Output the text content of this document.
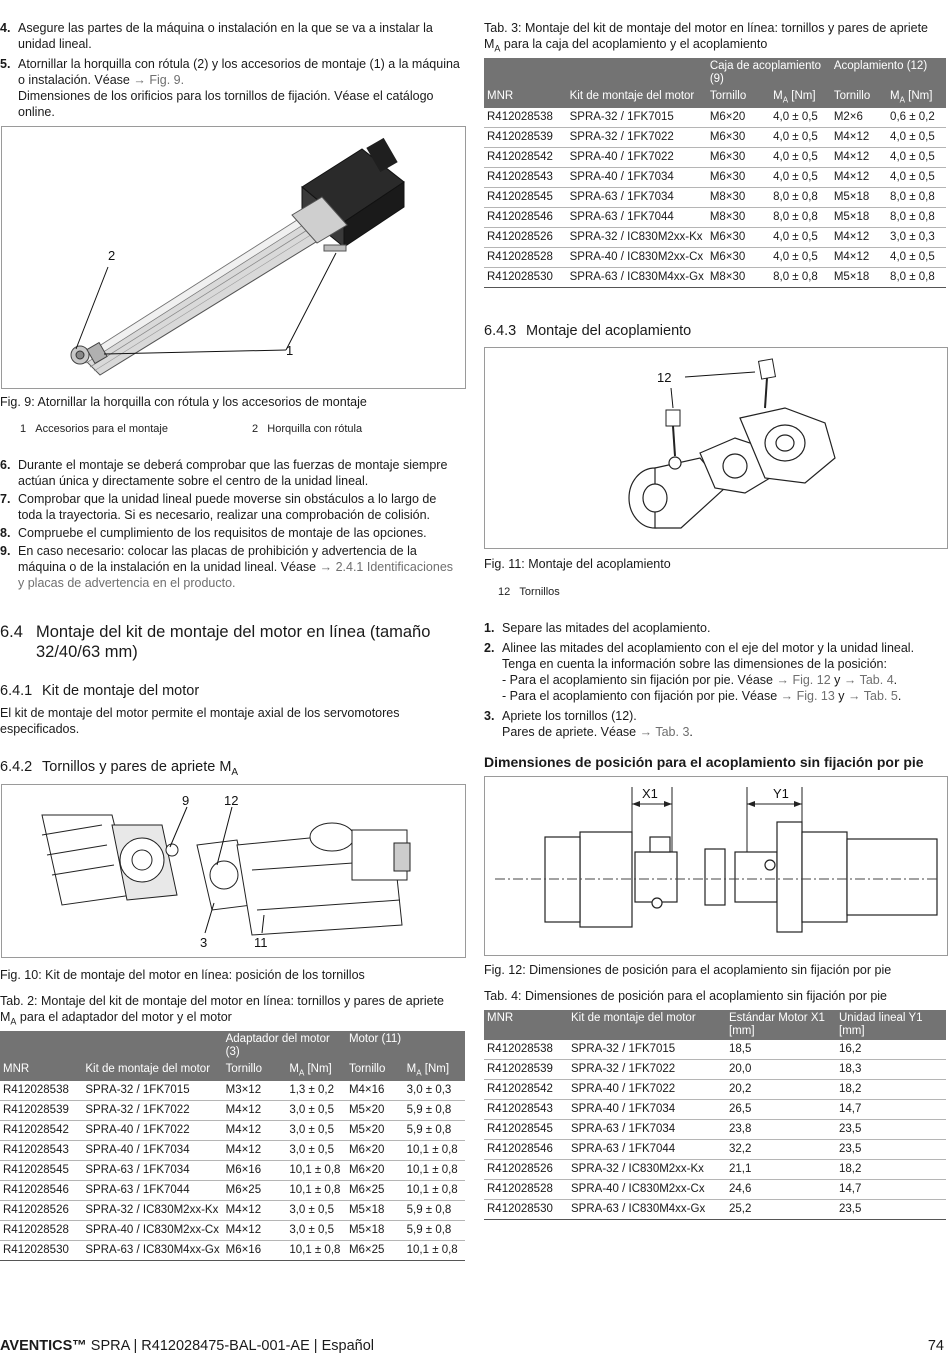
4. Asegure las partes de la máquina o instalación en la que se va a instalar la unidad lineal.
5. Atornillar la horquilla con rótula (2) y los accesorios de montaje (1) a la máquina o instalación. Véase → Fig. 9.
Dimensiones de los orificios para los tornillos de fijación. Véase el catálogo online.
2
1
Fig. 9: Atornillar la horquilla con rótula y los accesorios de montaje
1 Accesorios para el montaje	2 Horquilla con rótula
6. Durante el montaje se deberá comprobar que las fuerzas de montaje siempre actúan única y directamente sobre el centro de la unidad lineal.
7. Comprobar que la unidad lineal puede moverse sin obstáculos a lo largo de toda la trayectoria. Si es necesario, realizar una comprobación de colisión.
8. Compruebe el cumplimiento de los requisitos de montaje de las opciones.
9. En caso necesario: colocar las placas de prohibición y advertencia de la máquina o de la instalación en la unidad lineal. Véase → 2.4.1 Identificaciones y placas de advertencia en el producto.
6.4 Montaje del kit de montaje del motor en línea (tamaño 32/40/63 mm)
6.4.1 Kit de montaje del motor
El kit de montaje del motor permite el montaje axial de los servomotores especificados.
6.4.2 Tornillos y pares de apriete $M_A$
9	12
3	11
Fig. 10: Kit de montaje del motor en línea: posición de los tornillos
Tab. 2: Montaje del kit de montaje del motor en línea: tornillos y pares de apriete $M_A$ para el adaptador del motor y el motor
		Adaptador del motor (3)		Motor (11)	
MNR	Kit de montaje del motor	Tornillo	$M_A$ [Nm]	Tornillo	$M_A$ [Nm]
R412028538	SPRA-32 / 1FK7015	M3×12	1,3 ± 0,2	M4×16	3,0 ± 0,3
R412028539	SPRA-32 / 1FK7022	M4×12	3,0 ± 0,5	M5×20	5,9 ± 0,8
R412028542	SPRA-40 / 1FK7022	M4×12	3,0 ± 0,5	M5×20	5,9 ± 0,8
R412028543	SPRA-40 / 1FK7034	M4×12	3,0 ± 0,5	M6×20	10,1 ± 0,8
R412028545	SPRA-63 / 1FK7034	M6×16	10,1 ± 0,8	M6×20	10,1 ± 0,8
R412028546	SPRA-63 / 1FK7044	M6×25	10,1 ± 0,8	M6×25	10,1 ± 0,8
R412028526	SPRA-32 / IC830M2xx-Kx	M4×12	3,0 ± 0,5	M5×18	5,9 ± 0,8
R412028528	SPRA-40 / IC830M2xx-Cx	M4×12	3,0 ± 0,5	M5×18	5,9 ± 0,8
R412028530	SPRA-63 / IC830M4xx-Gx	M6×16	10,1 ± 0,8	M6×25	10,1 ± 0,8
Tab. 3: Montaje del kit de montaje del motor en línea: tornillos y pares de apriete $M_A$ para la caja del acoplamiento y el acoplamiento
		Caja de acoplamiento (9)		Acoplamiento (12)	
MNR	Kit de montaje del motor	Tornillo	$M_A$ [Nm]	Tornillo	$M_A$ [Nm]
R412028538	SPRA-32 / 1FK7015	M6×20	4,0 ± 0,5	M2×6	0,6 ± 0,2
R412028539	SPRA-32 / 1FK7022	M6×30	4,0 ± 0,5	M4×12	4,0 ± 0,5
R412028542	SPRA-40 / 1FK7022	M6×30	4,0 ± 0,5	M4×12	4,0 ± 0,5
R412028543	SPRA-40 / 1FK7034	M6×30	4,0 ± 0,5	M4×12	4,0 ± 0,5
R412028545	SPRA-63 / 1FK7034	M8×30	8,0 ± 0,8	M5×18	8,0 ± 0,8
R412028546	SPRA-63 / 1FK7044	M8×30	8,0 ± 0,8	M5×18	8,0 ± 0,8
R412028526	SPRA-32 / IC830M2xx-Kx	M6×30	4,0 ± 0,5	M4×12	3,0 ± 0,3
R412028528	SPRA-40 / IC830M2xx-Cx	M6×30	4,0 ± 0,5	M4×12	4,0 ± 0,5
R412028530	SPRA-63 / IC830M4xx-Gx	M8×30	8,0 ± 0,8	M5×18	8,0 ± 0,8
6.4.3 Montaje del acoplamiento
12
Fig. 11: Montaje del acoplamiento
12 Tornillos
1. Separe las mitades del acoplamiento.
2. Alinee las mitades del acoplamiento con el eje del motor y la unidad lineal. Tenga en cuenta la información sobre las dimensiones de la posición:
- Para el acoplamiento sin fijación por pie. Véase → Fig. 12 y → Tab. 4.
- Para el acoplamiento con fijación por pie. Véase → Fig. 13 y → Tab. 5.
3. Apriete los tornillos (12).
Pares de apriete. Véase → Tab. 3.
Dimensiones de posición para el acoplamiento sin fijación por pie
X1	Y1
Fig. 12: Dimensiones de posición para el acoplamiento sin fijación por pie
Tab. 4: Dimensiones de posición para el acoplamiento sin fijación por pie
MNR	Kit de montaje del motor	Estándar Motor X1 [mm]	Unidad lineal Y1 [mm]
R412028538	SPRA-32 / 1FK7015	18,5	16,2
R412028539	SPRA-32 / 1FK7022	20,0	18,3
R412028542	SPRA-40 / 1FK7022	20,2	18,2
R412028543	SPRA-40 / 1FK7034	26,5	14,7
R412028545	SPRA-63 / 1FK7034	23,8	23,5
R412028546	SPRA-63 / 1FK7044	32,2	23,5
R412028526	SPRA-32 / IC830M2xx-Kx	21,1	18,2
R412028528	SPRA-40 / IC830M2xx-Cx	24,6	14,7
R412028530	SPRA-63 / IC830M4xx-Gx	25,2	23,5
AVENTICS™ SPRA | R412028475-BAL-001-AE | Español	74
